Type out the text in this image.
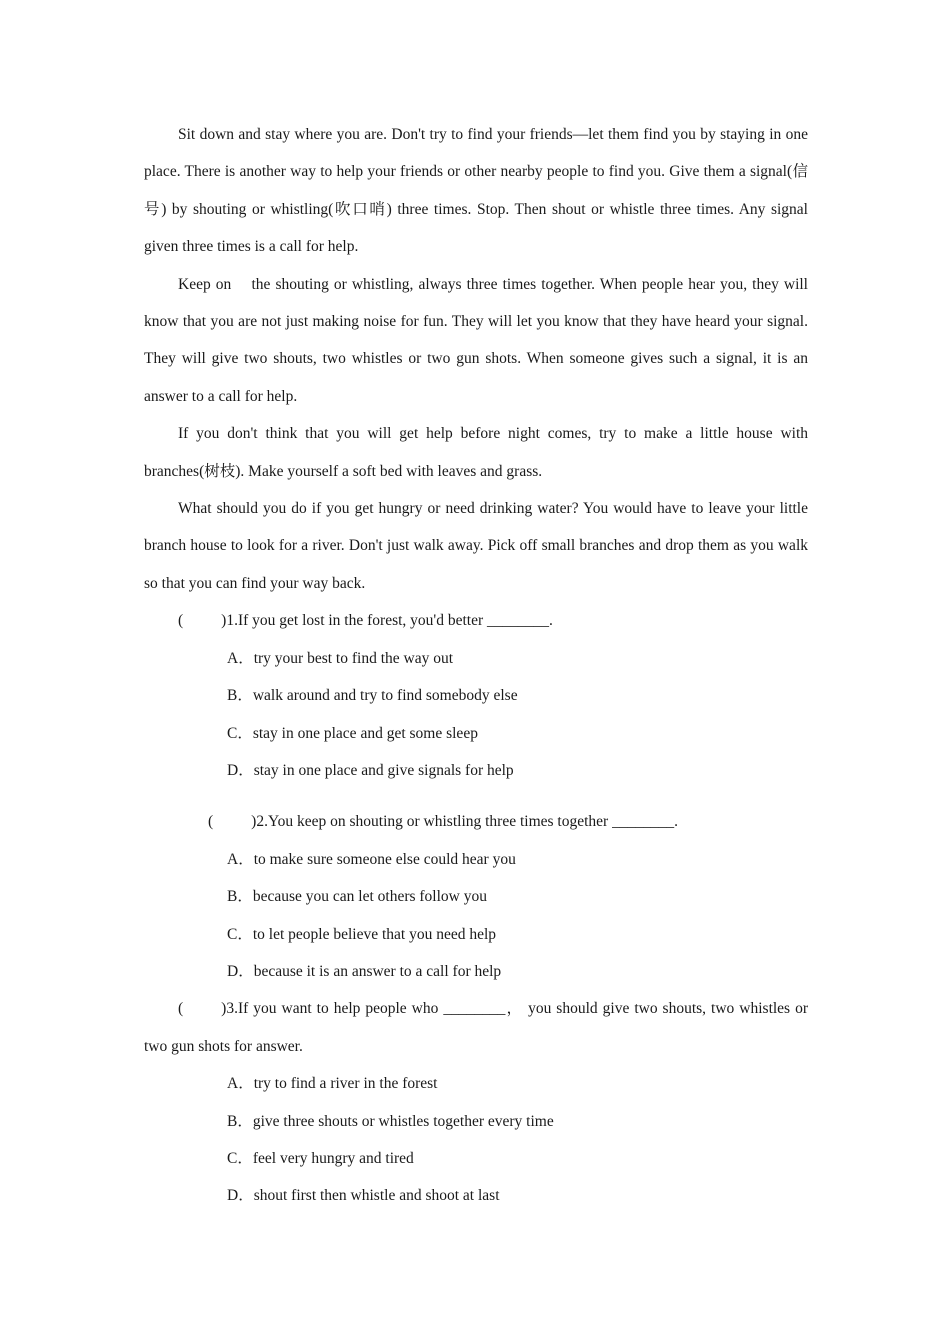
Sit down and stay where you are. Don't try to find your friends—let them find you by staying in one place. There is another way to help your friends or other nearby people to find you. Give them a signal(信号) by shouting or whistling(吹口哨) three times. Stop. Then shout or whistle three times. Any signal given three times is a call for help.

Keep on    the shouting or whistling, always three times together. When people hear you, they will know that you are not just making noise for fun. They will let you know that they have heard your signal. They will give two shouts, two whistles or two gun shots. When someone gives such a signal, it is an answer to a call for help.

If you don't think that you will get help before night comes, try to make a little house with branches(树枝). Make yourself a soft bed with leaves and grass.

What should you do if you get hungry or need drinking water? You would have to leave your little branch house to look for a river. Don't just walk away. Pick off small branches and drop them as you walk so that you can find your way back.

( )1.If you get lost in the forest, you'd better ________.

A．try your best to find the way out

B．walk around and try to find somebody else

C．stay in one place and get some sleep

D．stay in one place and give signals for help

( )2.You keep on shouting or whistling three times together ________.

A．to make sure someone else could hear you

B．because you can let others follow you

C．to let people believe that you need help

D．because it is an answer to a call for help

( )3.If you want to help people who ________， you should give two shouts, two whistles or two gun shots for answer.

A．try to find a river in the forest

B．give three shouts or whistles together every time

C．feel very hungry and tired

D．shout first then whistle and shoot at last
